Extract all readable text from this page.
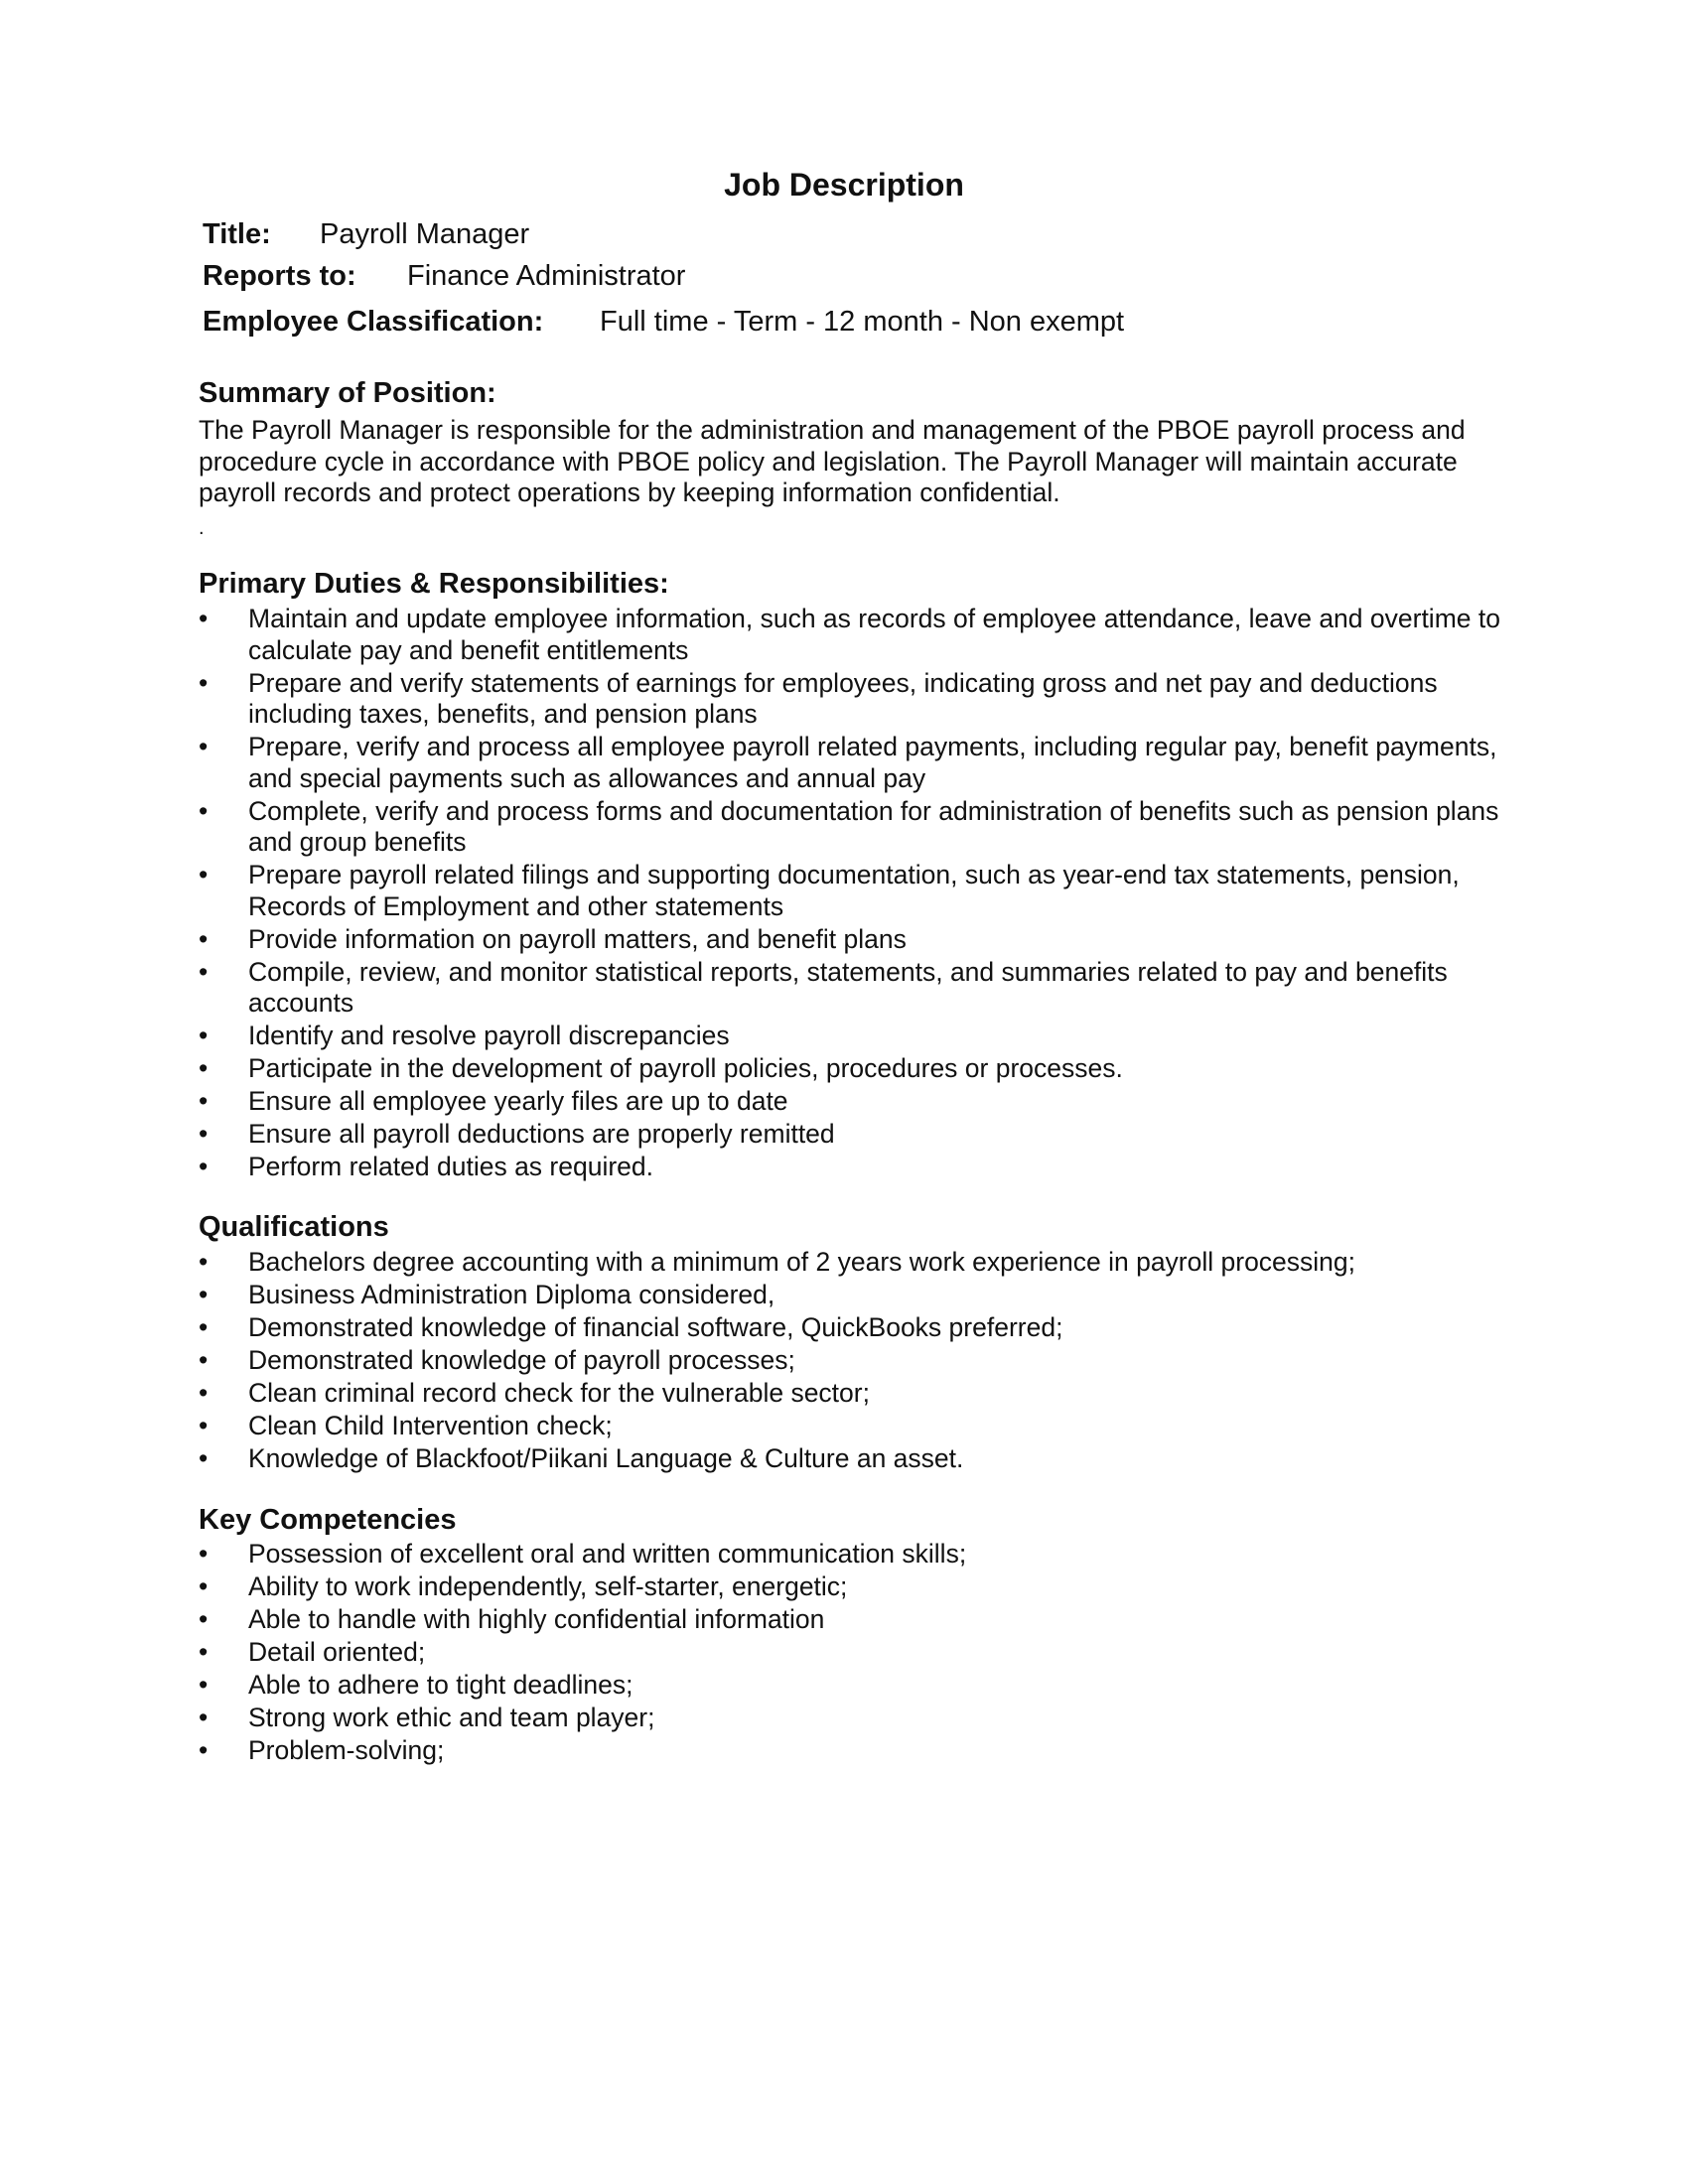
Job Description
Title: Payroll Manager
Reports to: Finance Administrator
Employee Classification: Full time - Term - 12 month - Non exempt
Summary of Position:

The Payroll Manager is responsible for the administration and management of the PBOE payroll process and procedure cycle in accordance with PBOE policy and legislation. The Payroll Manager will maintain accurate payroll records and protect operations by keeping information confidential.

.
Primary Duties & Responsibilities:
•	Maintain and update employee information, such as records of employee attendance, leave and overtime to calculate pay and benefit entitlements
•	Prepare and verify statements of earnings for employees, indicating gross and net pay and deductions including taxes, benefits, and pension plans
•	Prepare, verify and process all employee payroll related payments, including regular pay, benefit payments, and special payments such as allowances and annual pay
•	Complete, verify and process forms and documentation for administration of benefits such as pension plans and group benefits
•	Prepare payroll related filings and supporting documentation, such as year-end tax statements, pension, Records of Employment and other statements
•	Provide information on payroll matters, and benefit plans
•	Compile, review, and monitor statistical reports, statements, and summaries related to pay and benefits accounts
•	Identify and resolve payroll discrepancies
•	Participate in the development of payroll policies, procedures or processes.
•	Ensure all employee yearly files are up to date
•	Ensure all payroll deductions are properly remitted
•	Perform related duties as required.
Qualifications
•	Bachelors degree accounting with a minimum of 2 years work experience in payroll processing;
•	Business Administration Diploma considered,
•	Demonstrated knowledge of financial software, QuickBooks preferred;
•	Demonstrated knowledge of payroll processes;
•	Clean criminal record check for the vulnerable sector;
•	Clean Child Intervention check;
•	Knowledge of Blackfoot/Piikani Language & Culture an asset.
Key Competencies
•	Possession of excellent oral and written communication skills;
•	Ability to work independently, self-starter, energetic;
•	Able to handle with highly confidential information
•	Detail oriented;
•	Able to adhere to tight deadlines;
•	Strong work ethic and team player;
•	Problem-solving;
